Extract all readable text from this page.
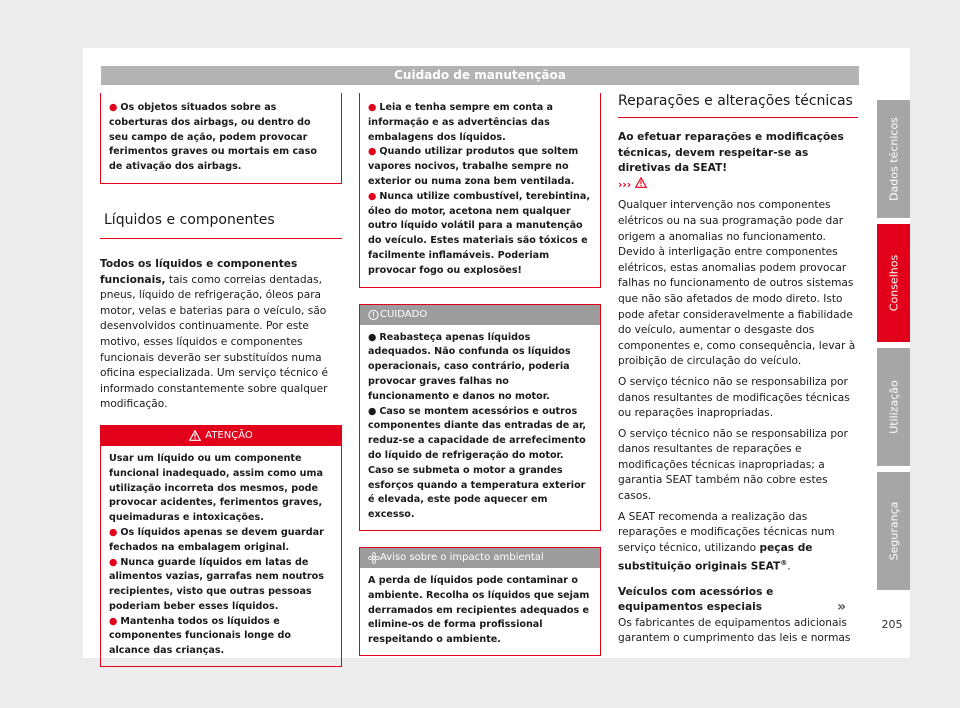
Cuidado de manutençãoa
● Os objetos situados sobre as coberturas dos airbags, ou dentro do seu campo de ação, podem provocar ferimentos graves ou mortais em caso de ativação dos airbags.
Líquidos e componentes

Todos os líquidos e componentes funcionais, tais como correias dentadas, pneus, líquido de refrigeração, óleos para motor, velas e baterias para o veículo, são desenvolvidos continuamente. Por este motivo, esses líquidos e componentes funcionais deverão ser substituídos numa oficina especializada. Um serviço técnico é informado constantemente sobre qualquer modificação.

ATENÇÃO

Usar um líquido ou um componente funcional inadequado, assim como uma utilização incorreta dos mesmos, pode provocar acidentes, ferimentos graves, queimaduras e intoxicações.

● Os líquidos apenas se devem guardar fechados na embalagem original.
● Nunca guarde líquidos em latas de alimentos vazias, garrafas nem noutros recipientes, visto que outras pessoas poderiam beber esses líquidos.
● Mantenha todos os líquidos e componentes funcionais longe do alcance das crianças.
● Leia e tenha sempre em conta a informação e as advertências das embalagens dos líquidos.
● Quando utilizar produtos que soltem vapores nocivos, trabalhe sempre no exterior ou numa zona bem ventilada.
● Nunca utilize combustível, terebintina, óleo do motor, acetona nem qualquer outro líquido volátil para a manutenção do veículo. Estes materiais são tóxicos e facilmente inflamáveis. Poderiam provocar fogo ou explosões!
CUIDADO
● Reabasteça apenas líquidos adequados. Não confunda os líquidos operacionais, caso contrário, poderia provocar graves falhas no funcionamento e danos no motor.
● Caso se montem acessórios e outros componentes diante das entradas de ar, reduz-se a capacidade de arrefecimento do líquido de refrigeração do motor. Caso se submeta o motor a grandes esforços quando a temperatura exterior é elevada, este pode aquecer em excesso.
Aviso sobre o impacto ambiental

A perda de líquidos pode contaminar o ambiente. Recolha os líquidos que sejam derramados em recipientes adequados e elimine-os de forma profissional respeitando o ambiente.

Reparações e alterações técnicas

Ao efetuar reparações e modificações técnicas, devem respeitar-se as diretivas da SEAT!
›››

Qualquer intervenção nos componentes elétricos ou na sua programação pode dar origem a anomalias no funcionamento. Devido à interligação entre componentes elétricos, estas anomalias podem provocar falhas no funcionamento de outros sistemas que não são afetados de modo direto. Isto pode afetar consideravelmente a fiabilidade do veículo, aumentar o desgaste dos componentes e, como consequência, levar à proibição de circulação do veículo.

O serviço técnico não se responsabiliza por danos resultantes de modificações técnicas ou reparações inapropriadas.

O serviço técnico não se responsabiliza por danos resultantes de reparações e modificações técnicas inapropriadas; a garantia SEAT também não cobre estes casos.

A SEAT recomenda a realização das reparações e modificações técnicas num serviço técnico, utilizando peças de substituição originais SEAT®.

Veículos com acessórios e equipamentos especiais

Os fabricantes de equipamentos adicionais garantem o cumprimento das leis e normas

Dados técnicos
Conselhos
Utilização
Segurança
»
205
